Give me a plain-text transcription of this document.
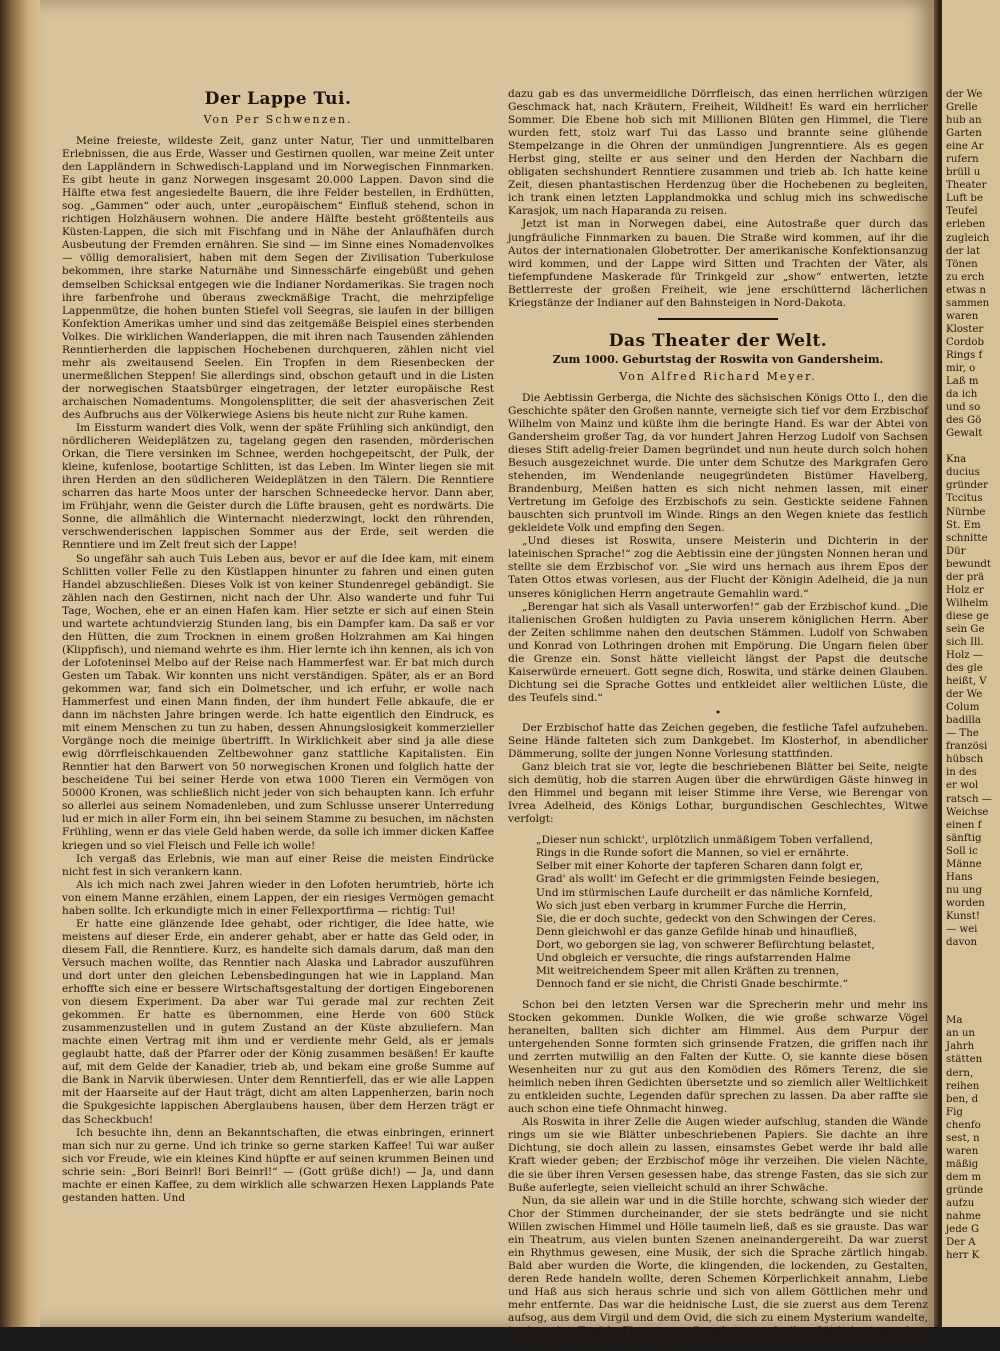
Der Lappe Tui.
Von Per Schwenzen.

Meine freieste, wildeste Zeit, ganz unter Natur, Tier und unmittelbaren Erlebnissen, die aus Erde, Wasser und Gestirnen quollen, war meine Zeit unter den Lappländern in Schwedisch-Lappland und im Norwegischen Finnmarken. Es gibt heute in ganz Norwegen insgesamt 20.000 Lappen. Davon sind die Hälfte etwa fest angesiedelte Bauern, die ihre Felder bestellen, in Erdhütten, sog. „Gammen“ oder auch, unter „europäischem“ Einfluß stehend, schon in richtigen Holzhäusern wohnen. Die andere Hälfte besteht größtenteils aus Küsten-Lappen, die sich mit Fischfang und in Nähe der Anlaufhäfen durch Ausbeutung der Fremden ernähren. Sie sind — im Sinne eines Nomadenvolkes — völlig demoralisiert, haben mit dem Segen der Zivilisation Tuberkulose bekommen, ihre starke Naturnähe und Sinnesschärfe eingebüßt und gehen demselben Schicksal entgegen wie die Indianer Nordamerikas. Sie tragen noch ihre farbenfrohe und überaus zweckmäßige Tracht, die mehrzipfelige Lappenmütze, die hohen bunten Stiefel voll Seegras, sie laufen in der billigen Konfektion Amerikas umher und sind das zeitgemäße Beispiel eines sterbenden Volkes. Die wirklichen Wanderlappen, die mit ihren nach Tausenden zählenden Renntierherden die lappischen Hochebenen durchqueren, zählen nicht viel mehr als zweitausend Seelen. Ein Tropfen in dem Riesenbecken der unermeßlichen Steppen! Sie allerdings sind, obschon getauft und in die Listen der norwegischen Staatsbürger eingetragen, der letzter europäische Rest archaischen Nomadentums. Mongolensplitter, die seit der ahasverischen Zeit des Aufbruchs aus der Völkerwiege Asiens bis heute nicht zur Ruhe kamen.

Im Eissturm wandert dies Volk, wenn der späte Frühling sich ankündigt, den nördlicheren Weideplätzen zu, tagelang gegen den rasenden, mörderischen Orkan, die Tiere versinken im Schnee, werden hochgepeitscht, der Pulk, der kleine, kufenlose, bootartige Schlitten, ist das Leben. Im Winter liegen sie mit ihren Herden an den südlicheren Weideplätzen in den Tälern. Die Renntiere scharren das harte Moos unter der harschen Schneedecke hervor. Dann aber, im Frühjahr, wenn die Geister durch die Lüfte brausen, geht es nordwärts. Die Sonne, die allmählich die Winternacht niederzwingt, lockt den rührenden, verschwenderischen lappischen Sommer aus der Erde, seit werden die Renntiere und im Zelt freut sich der Lappe!

So ungefähr sah auch Tuis Leben aus, bevor er auf die Idee kam, mit einem Schlitten voller Felle zu den Küstlappen hinunter zu fahren und einen guten Handel abzuschließen. Dieses Volk ist von keiner Stundenregel gebändigt. Sie zählen nach den Gestirnen, nicht nach der Uhr. Also wanderte und fuhr Tui Tage, Wochen, ehe er an einen Hafen kam. Hier setzte er sich auf einen Stein und wartete achtundvierzig Stunden lang, bis ein Dampfer kam. Da saß er vor den Hütten, die zum Trocknen in einem großen Holzrahmen am Kai hingen (Klippfisch), und niemand wehrte es ihm. Hier lernte ich ihn kennen, als ich von der Lofoteninsel Melbo auf der Reise nach Hammerfest war. Er bat mich durch Gesten um Tabak. Wir konnten uns nicht verständigen. Später, als er an Bord gekommen war, fand sich ein Dolmetscher, und ich erfuhr, er wolle nach Hammerfest und einen Mann finden, der ihm hundert Felle abkaufe, die er dann im nächsten Jahre bringen werde. Ich hatte eigentlich den Eindruck, es mit einem Menschen zu tun zu haben, dessen Ahnungslosigkeit kommerzieller Vorgänge noch die meinige übertrifft. In Wirklichkeit aber sind ja alle diese ewig dörrfleischkauenden Zeltbewohner ganz stattliche Kapitalisten. Ein Renntier hat den Barwert von 50 norwegischen Kronen und folglich hatte der bescheidene Tui bei seiner Herde von etwa 1000 Tieren ein Vermögen von 50000 Kronen, was schließlich nicht jeder von sich behaupten kann. Ich erfuhr so allerlei aus seinem Nomadenleben, und zum Schlusse unserer Unterredung lud er mich in aller Form ein, ihn bei seinem Stamme zu besuchen, im nächsten Frühling, wenn er das viele Geld haben werde, da solle ich immer dicken Kaffee kriegen und so viel Fleisch und Felle ich wolle!

Ich vergaß das Erlebnis, wie man auf einer Reise die meisten Eindrücke nicht fest in sich verankern kann.

Als ich mich nach zwei Jahren wieder in den Lofoten herumtrieb, hörte ich von einem Manne erzählen, einem Lappen, der ein riesiges Vermögen gemacht haben sollte. Ich erkundigte mich in einer Fellexportfirma — richtig: Tui!

Er hatte eine glänzende Idee gehabt, oder richtiger, die Idee hatte, wie meistens auf dieser Erde, ein anderer gehabt, aber er hatte das Geld oder, in diesem Fall, die Renntiere. Kurz, es handelte sich damals darum, daß man den Versuch machen wollte, das Renntier nach Alaska und Labrador auszuführen und dort unter den gleichen Lebensbedingungen hat wie in Lappland. Man erhoffte sich eine er bessere Wirtschaftsgestaltung der dortigen Eingeborenen von diesem Experiment. Da aber war Tui gerade mal zur rechten Zeit gekommen. Er hatte es übernommen, eine Herde von 600 Stück zusammenzustellen und in gutem Zustand an der Küste abzuliefern. Man machte einen Vertrag mit ihm und er verdiente mehr Geld, als er jemals geglaubt hatte, daß der Pfarrer oder der König zusammen besäßen! Er kaufte auf, mit dem Gelde der Kanadier, trieb ab, und bekam eine große Summe auf die Bank in Narvik überwiesen. Unter dem Renntierfell, das er wie alle Lappen mit der Haarseite auf der Haut trägt, dicht am alten Lappenherzen, barin noch die Spukgesichte lappischen Aberglaubens hausen, über dem Herzen trägt er das Scheckbuch!

Ich besuchte ihn, denn an Bekanntschaften, die etwas einbringen, erinnert man sich nur zu gerne. Und ich trinke so gerne starken Kaffee! Tui war außer sich vor Freude, wie ein kleines Kind hüpfte er auf seinen krummen Beinen und schrie sein: „Bori Beinrl! Bori Beinrl!“ — (Gott grüße dich!) — Ja, und dann machte er einen Kaffee, zu dem wirklich alle schwarzen Hexen Lapplands Pate gestanden hatten. Und

dazu gab es das unvermeidliche Dörrfleisch, das einen herrlichen würzigen Geschmack hat, nach Kräutern, Freiheit, Wildheit! Es ward ein herrlicher Sommer. Die Ebene hob sich mit Millionen Blüten gen Himmel, die Tiere wurden fett, stolz warf Tui das Lasso und brannte seine glühende Stempelzange in die Ohren der unmündigen Jungrenntiere. Als es gegen Herbst ging, stellte er aus seiner und den Herden der Nachbarn die obligaten sechshundert Renntiere zusammen und trieb ab. Ich hatte keine Zeit, diesen phantastischen Herdenzug über die Hochebenen zu begleiten, ich trank einen letzten Lapplandmokka und schlug mich ins schwedische Karasjok, um nach Haparanda zu reisen.

Jetzt ist man in Norwegen dabei, eine Autostraße quer durch das jungfräuliche Finnmarken zu bauen. Die Straße wird kommen, auf ihr die Autos der internationalen Globetrotter. Der amerikanische Konfektionsanzug wird kommen, und der Lappe wird Sitten und Trachten der Väter, als tiefempfundene Maskerade für Trinkgeld zur „show“ entwerten, letzte Bettlerreste der großen Freiheit, wie jene erschütternd lächerlichen Kriegstänze der Indianer auf den Bahnsteigen in Nord-Dakota.

Das Theater der Welt.
Zum 1000. Geburtstag der Roswita von Gandersheim.
Von Alfred Richard Meyer.

Die Aebtissin Gerberga, die Nichte des sächsischen Königs Otto I., den die Geschichte später den Großen nannte, verneigte sich tief vor dem Erzbischof Wilhelm von Mainz und küßte ihm die beringte Hand. Es war der Abtei von Gandersheim großer Tag, da vor hundert Jahren Herzog Ludolf von Sachsen dieses Stift adelig-freier Damen begründet und nun heute durch solch hohen Besuch ausgezeichnet wurde. Die unter dem Schutze des Markgrafen Gero stehenden, im Wendenlande neugegründeten Bistümer Havelberg, Brandenburg, Meißen hatten es sich nicht nehmen lassen, mit einer Vertretung im Gefolge des Erzbischofs zu sein. Gestickte seidene Fahnen bauschten sich pruntvoll im Winde. Rings an den Wegen kniete das festlich gekleidete Volk und empfing den Segen.

„Und dieses ist Roswita, unsere Meisterin und Dichterin in der lateinischen Sprache!“ zog die Aebtissin eine der jüngsten Nonnen heran und stellte sie dem Erzbischof vor. „Sie wird uns hernach aus ihrem Epos der Taten Ottos etwas vorlesen, aus der Flucht der Königin Adelheid, die ja nun unseres königlichen Herrn angetraute Gemahlin ward.“

„Berengar hat sich als Vasall unterworfen!“ gab der Erzbischof kund. „Die italienischen Großen huldigten zu Pavia unserem königlichen Herrn. Aber der Zeiten schlimme nahen den deutschen Stämmen. Ludolf von Schwaben und Konrad von Lothringen drohen mit Empörung. Die Ungarn fielen über die Grenze ein. Sonst hätte vielleicht längst der Papst die deutsche Kaiserwürde erneuert. Gott segne dich, Roswita, und stärke deinen Glauben. Dichtung sei die Sprache Gottes und entkleidet aller weltlichen Lüste, die des Teufels sind.“

•

Der Erzbischof hatte das Zeichen gegeben, die festliche Tafel aufzuheben. Seine Hände falteten sich zum Dankgebet. Im Klosterhof, in abendlicher Dämmerung, sollte der jungen Nonne Vorlesung stattfinden.

Ganz bleich trat sie vor, legte die beschriebenen Blätter bei Seite, neigte sich demütig, hob die starren Augen über die ehrwürdigen Gäste hinweg in den Himmel und begann mit leiser Stimme ihre Verse, wie Berengar von Ivrea Adelheid, des Königs Lothar, burgundischen Geschlechtes, Witwe verfolgt:

„Dieser nun schickt', urplötzlich unmäßigem Toben verfallend,
Rings in die Runde sofort die Mannen, so viel er ernährte.
Selber mit einer Kohorte der tapferen Scharen dann folgt er,
Grad' als wollt' im Gefecht er die grimmigsten Feinde besiegen,
Und im stürmischen Laufe durcheilt er das nämliche Kornfeld,
Wo sich just eben verbarg in krummer Furche die Herrin,
Sie, die er doch suchte, gedeckt von den Schwingen der Ceres.
Denn gleichwohl er das ganze Gefilde hinab und hinaufließ,
Dort, wo geborgen sie lag, von schwerer Befürchtung belastet,
Und obgleich er versuchte, die rings aufstarrenden Halme
Mit weitreichendem Speer mit allen Kräften zu trennen,
Dennoch fand er sie nicht, die Christi Gnade beschirmte.“

Schon bei den letzten Versen war die Sprecherin mehr und mehr ins Stocken gekommen. Dunkle Wolken, die wie große schwarze Vögel heranelten, ballten sich dichter am Himmel. Aus dem Purpur der untergehenden Sonne formten sich grinsende Fratzen, die griffen nach ihr und zerrten mutwillig an den Falten der Kutte. O, sie kannte diese bösen Wesenheiten nur zu gut aus den Komödien des Römers Terenz, die sie heimlich neben ihren Gedichten übersetzte und so ziemlich aller Weltlichkeit zu entkleiden suchte, Legenden dafür sprechen zu lassen. Da aber raffte sie auch schon eine tiefe Ohnmacht hinweg.

Als Roswita in ihrer Zelle die Augen wieder aufschlug, standen die Wände rings um sie wie Blätter unbeschriebenen Papiers. Sie dachte an ihre Dichtung, sie doch allein zu lassen, einsamstes Gebet werde ihr bald alle Kraft wieder geben; der Erzbischof möge ihr verzeihen. Die vielen Nächte, die sie über ihren Versen gesessen habe, das strenge Fasten, das sie sich zur Buße auferlegte, seien vielleicht schuld an ihrer Schwäche.

Nun, da sie allein war und in die Stille horchte, schwang sich wieder der Chor der Stimmen durcheinander, der sie stets bedrängte und sie nicht Willen zwischen Himmel und Hölle taumeln ließ, daß es sie grauste. Das war ein Theatrum, aus vielen bunten Szenen aneinandergereiht. Da war zuerst ein Rhythmus gewesen, eine Musik, der sich die Sprache zärtlich hingab. Bald aber wurden die Worte, die klingenden, die lockenden, zu Gestalten, deren Rede handeln wollte, deren Schemen Körperlichkeit annahm, Liebe und Haß aus sich heraus schrie und sich von allem Göttlichen mehr und mehr entfernte. Das war die heidnische Lust, die sie zuerst aus dem Terenz aufsog, aus dem Virgil und dem Ovid, die sich zu einem Mysterium wandelte, in dem des Teufels Flammen aufbegehrten und alles Göttliche jemand zu vertreiben schienen. Das Theater

der We
Grelle
hub an
Garten
eine Ar
rufern
brüll u
Theater
Luft be
Teufel
erleben
zugleich
der lat
Tönen
zu erch
etwas n
sammen
waren
Kloster
Cordob
Rings f
mir, o
Laß m
da ich
und so
des Gö
Gewalt
Kna
ducius
gründer
Tccitus
Nürnbe
St. Em
schnitte
Dür
bewundt
der prä
Holz er
Wilhelm
diese ge
sein Ge
sich Ill.
Holz —
des gle
heißt, V
der We
Colum
badilla
— The
französi
hübsch
in des
er wol
ratsch —
Weichse
einen f
sänftig
Soll ic
Männe
Hans
nu ung
worden
Kunst!
— wei
davon
Ma
an un
Jahrh
stätten
dern,
reihen
ben, d
Fig
chenfo
sest, n
waren
mäßig
dem m
gründe
aufzu
nahme
jede G
Der A
herr K
